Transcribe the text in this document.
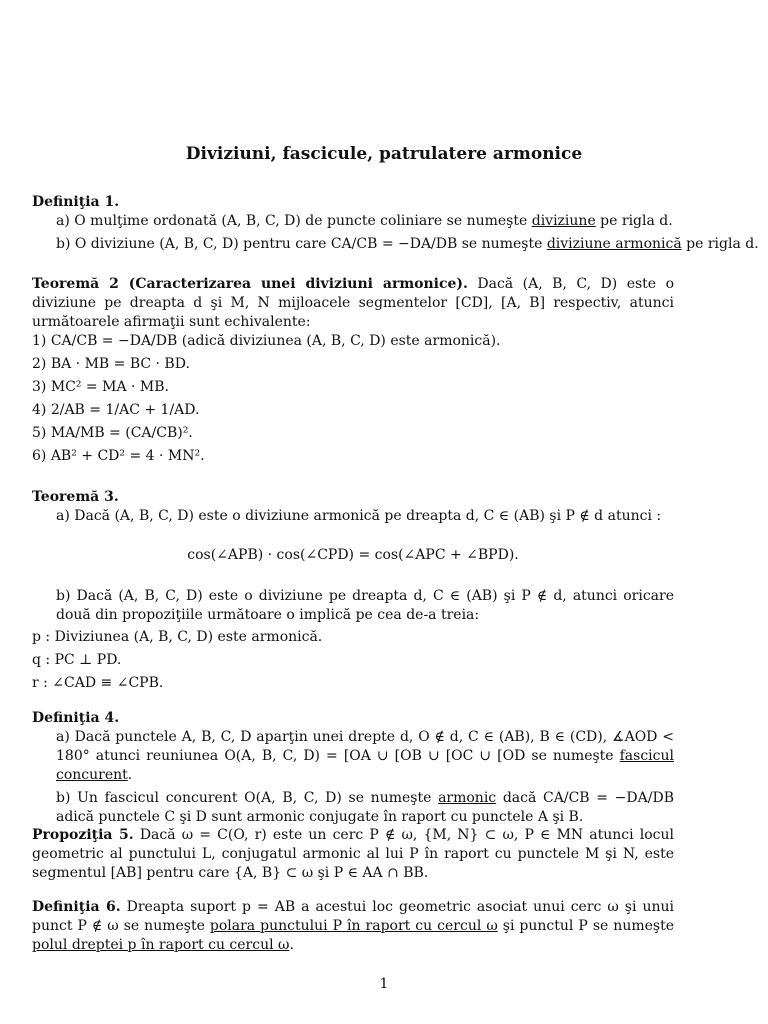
Diviziuni, fascicule, patrulatere armonice
Definiţia 1.
a) O mulţime ordonată (A, B, C, D) de puncte coliniare se numeşte diviziune pe rigla d.
b) O diviziune (A, B, C, D) pentru care CA/CB = −DA/DB se numeşte diviziune armonică pe rigla d.
Teoremă 2 (Caracterizarea unei diviziuni armonice). Dacă (A, B, C, D) este o diviziune pe dreapta d şi M, N mijloacele segmentelor [CD], [A, B] respectiv, atunci următoarele afirmaţii sunt echivalente:
1) CA/CB = −DA/DB (adică diviziunea (A, B, C, D) este armonică).
2) BA · MB = BC · BD.
3) MC² = MA · MB.
4) 2/AB = 1/AC + 1/AD.
5) MA/MB = (CA/CB)².
6) AB² + CD² = 4 · MN².
Teoremă 3.
a) Dacă (A, B, C, D) este o diviziune armonică pe dreapta d, C ∈ (AB) şi P ∉ d atunci :
cos(∠APB) · cos(∠CPD) = cos(∠APC + ∠BPD).
b) Dacă (A, B, C, D) este o diviziune pe dreapta d, C ∈ (AB) şi P ∉ d, atunci oricare două din propoziţiile următoare o implică pe cea de-a treia:
p : Diviziunea (A, B, C, D) este armonică.
q : PC ⊥ PD.
r : ∠CAD ≡ ∠CPB.
Definiţia 4.
a) Dacă punctele A, B, C, D aparţin unei drepte d, O ∉ d, C ∈ (AB), B ∈ (CD), ∡AOD < 180° atunci reuniunea O(A, B, C, D) = [OA ∪ [OB ∪ [OC ∪ [OD se numeşte fascicul concurent.
b) Un fascicul concurent O(A, B, C, D) se numeşte armonic dacă CA/CB = −DA/DB adică punctele C şi D sunt armonic conjugate în raport cu punctele A şi B.
Propoziţia 5. Dacă ω = C(O, r) este un cerc P ∉ ω, {M, N} ⊂ ω, P ∈ MN atunci locul geometric al punctului L, conjugatul armonic al lui P în raport cu punctele M şi N, este segmentul [AB] pentru care {A, B} ⊂ ω şi P ∈ AA ∩ BB.
Definiţia 6. Dreapta suport p = AB a acestui loc geometric asociat unui cerc ω şi unui punct P ∉ ω se numeşte polara punctului P în raport cu cercul ω şi punctul P se numeşte polul dreptei p în raport cu cercul ω.
1
